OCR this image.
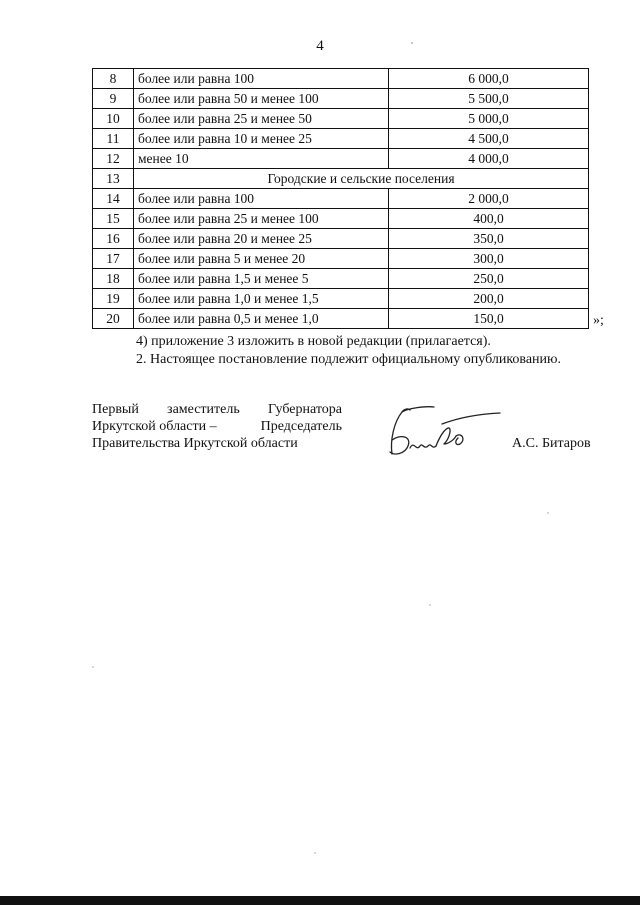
4
8	более или равна 100	6 000,0
9	более или равна 50 и менее 100	5 500,0
10	более или равна 25 и менее 50	5 000,0
11	более или равна 10 и менее 25	4 500,0
12	менее 10	4 000,0
13	Городские и сельские поселения	
14	более или равна 100	2 000,0
15	более или равна 25 и менее 100	400,0
16	более или равна 20 и менее 25	350,0
17	более или равна 5 и менее 20	300,0
18	более или равна 1,5 и менее 5	250,0
19	более или равна 1,0 и менее 1,5	200,0
20	более или равна 0,5 и менее 1,0	150,0	»;
4) приложение 3 изложить в новой редакции (прилагается).
2. Настоящее постановление подлежит официальному опубликованию.
Первый заместитель Губернатора
Иркутской области –	Председатель
Правительства Иркутской области	А.С. Битаров
